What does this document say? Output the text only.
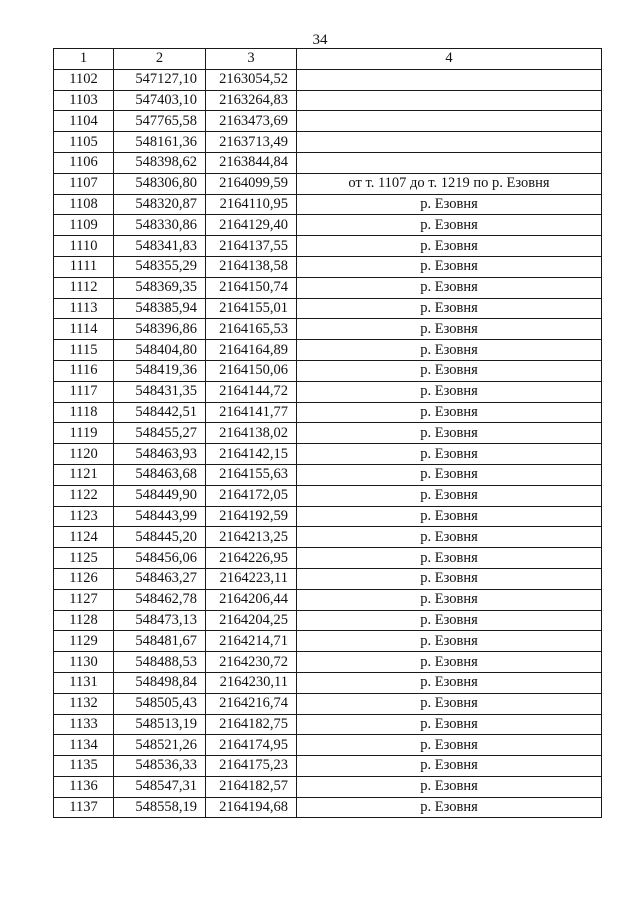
34
1	2	3	4
1102	547127,10	2163054,52	
1103	547403,10	2163264,83	
1104	547765,58	2163473,69	
1105	548161,36	2163713,49	
1106	548398,62	2163844,84	
1107	548306,80	2164099,59	от т. 1107 до т. 1219 по р. Езовня
1108	548320,87	2164110,95	р. Езовня
1109	548330,86	2164129,40	р. Езовня
1110	548341,83	2164137,55	р. Езовня
1111	548355,29	2164138,58	р. Езовня
1112	548369,35	2164150,74	р. Езовня
1113	548385,94	2164155,01	р. Езовня
1114	548396,86	2164165,53	р. Езовня
1115	548404,80	2164164,89	р. Езовня
1116	548419,36	2164150,06	р. Езовня
1117	548431,35	2164144,72	р. Езовня
1118	548442,51	2164141,77	р. Езовня
1119	548455,27	2164138,02	р. Езовня
1120	548463,93	2164142,15	р. Езовня
1121	548463,68	2164155,63	р. Езовня
1122	548449,90	2164172,05	р. Езовня
1123	548443,99	2164192,59	р. Езовня
1124	548445,20	2164213,25	р. Езовня
1125	548456,06	2164226,95	р. Езовня
1126	548463,27	2164223,11	р. Езовня
1127	548462,78	2164206,44	р. Езовня
1128	548473,13	2164204,25	р. Езовня
1129	548481,67	2164214,71	р. Езовня
1130	548488,53	2164230,72	р. Езовня
1131	548498,84	2164230,11	р. Езовня
1132	548505,43	2164216,74	р. Езовня
1133	548513,19	2164182,75	р. Езовня
1134	548521,26	2164174,95	р. Езовня
1135	548536,33	2164175,23	р. Езовня
1136	548547,31	2164182,57	р. Езовня
1137	548558,19	2164194,68	р. Езовня
